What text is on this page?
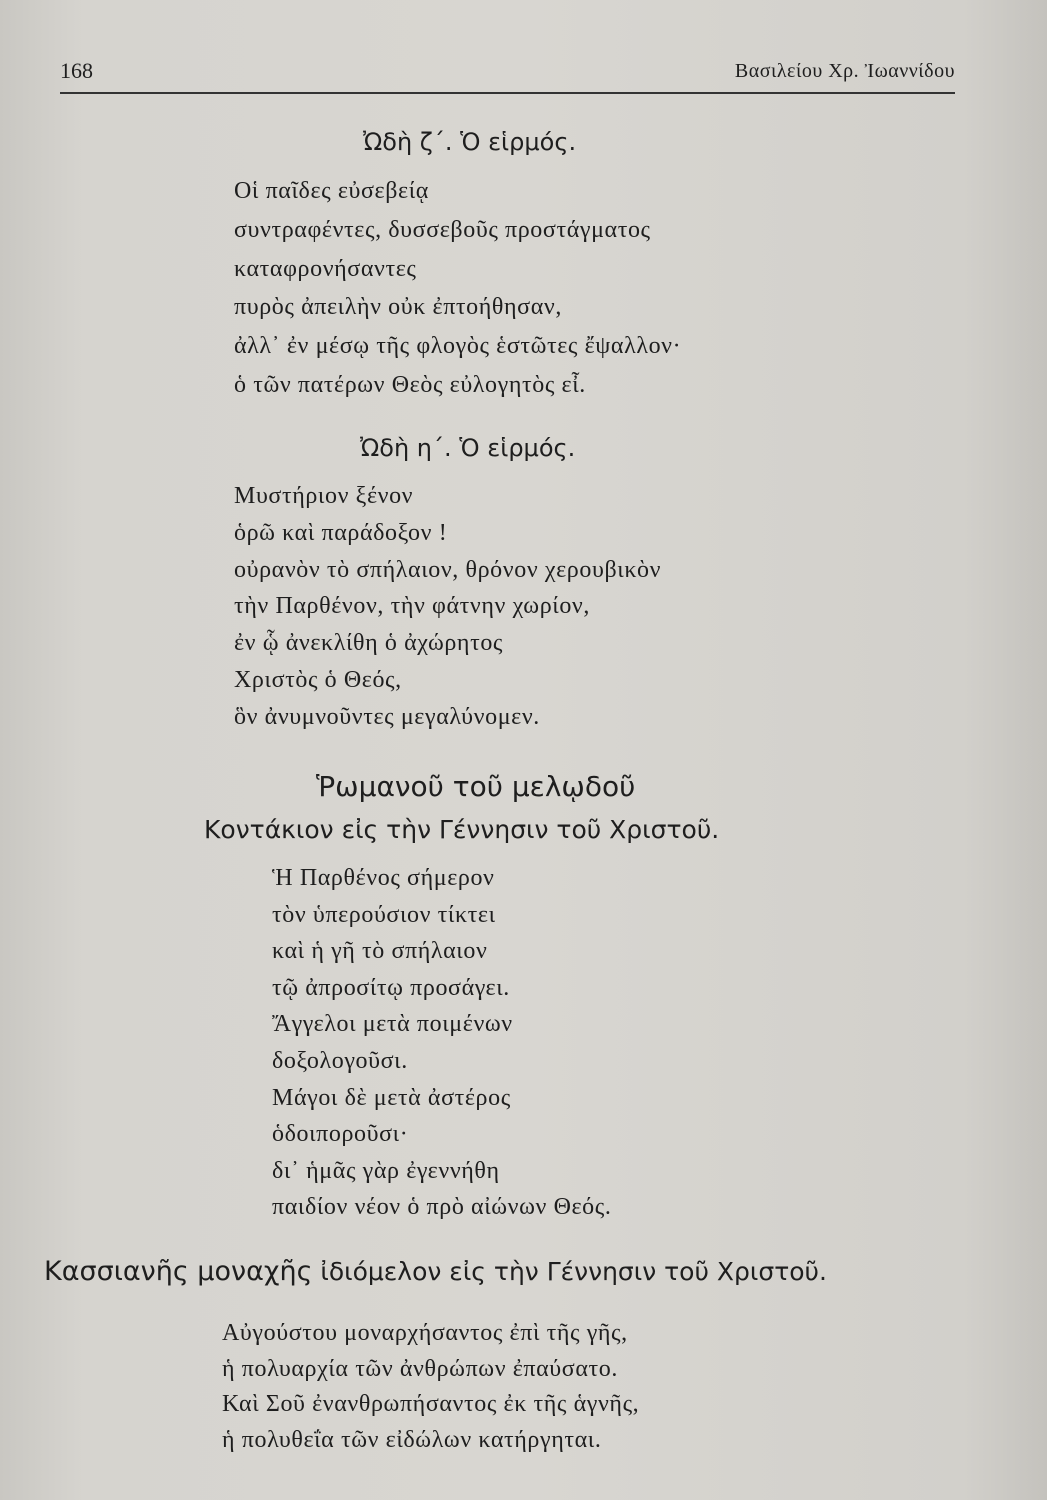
168	Βασιλείου Χρ. Ἰωαννίδου
Ὠδὴ ζ΄. Ὁ εἱρμός.
Οἱ παῖδες εὐσεβείᾳ
συντραφέντες, δυσσεβοῦς προστάγματος
καταφρονήσαντες
πυρὸς ἀπειλὴν οὐκ ἐπτοήθησαν,
ἀλλ᾽ ἐν μέσῳ τῆς φλογὸς ἑστῶτες ἔψαλλον·
ὁ τῶν πατέρων Θεὸς εὐλογητὸς εἶ.
Ὠδὴ η΄. Ὁ εἱρμός.
Μυστήριον ξένον
ὁρῶ καὶ παράδοξον !
οὐρανὸν τὸ σπήλαιον, θρόνον χερουβικὸν
τὴν Παρθένον, τὴν φάτνην χωρίον,
ἐν ᾧ ἀνεκλίθη ὁ ἀχώρητος
Χριστὸς ὁ Θεός,
ὃν ἀνυμνοῦντες μεγαλύνομεν.
Ῥωμανοῦ τοῦ μελῳδοῦ
Κοντάκιον εἰς τὴν Γέννησιν τοῦ Χριστοῦ.
Ἡ Παρθένος σήμερον
τὸν ὑπερούσιον τίκτει
καὶ ἡ γῆ τὸ σπήλαιον
τῷ ἀπροσίτῳ προσάγει.
Ἄγγελοι μετὰ ποιμένων
δοξολογοῦσι.
Μάγοι δὲ μετὰ ἀστέρος
ὁδοιποροῦσι·
δι᾽ ἡμᾶς γὰρ ἐγεννήθη
παιδίον νέον ὁ πρὸ αἰώνων Θεός.
Κασσιανῆς μοναχῆς ἰδιόμελον εἰς τὴν Γέννησιν τοῦ Χριστοῦ.
Αὐγούστου μοναρχήσαντος ἐπὶ τῆς γῆς,
ἡ πολυαρχία τῶν ἀνθρώπων ἐπαύσατο.
Καὶ Σοῦ ἐνανθρωπήσαντος ἐκ τῆς ἁγνῆς,
ἡ πολυθεΐα τῶν εἰδώλων κατήργηται.
